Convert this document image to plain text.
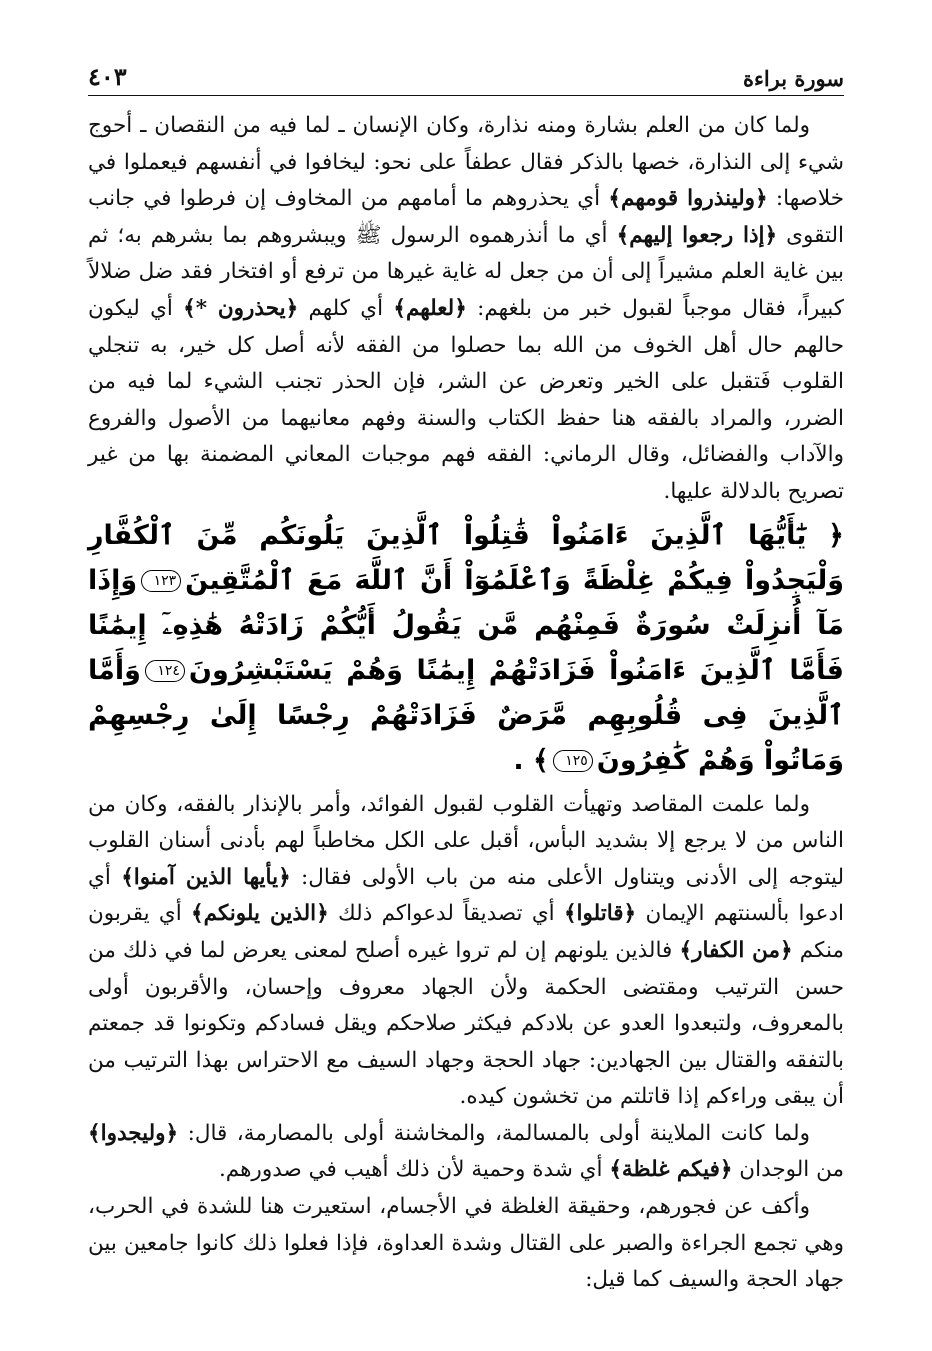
سورة براءة
٤٠٣

ولما كان من العلم بشارة ومنه نذارة، وكان الإنسان ـ لما فيه من النقصان ـ أحوج شيء إلى النذارة، خصها بالذكر فقال عطفاً على نحو: ليخافوا في أنفسهم فيعملوا في خلاصها: ﴿ولينذروا قومهم﴾ أي يحذروهم ما أمامهم من المخاوف إن فرطوا في جانب التقوى ﴿إذا رجعوا إليهم﴾ أي ما أنذرهموه الرسول ﷺ ويبشروهم بما بشرهم به؛ ثم بين غاية العلم مشيراً إلى أن من جعل له غاية غيرها من ترفع أو افتخار فقد ضل ضلالاً كبيراً، فقال موجباً لقبول خبر من بلغهم: ﴿لعلهم﴾ أي كلهم ﴿يحذرون *﴾ أي ليكون حالهم حال أهل الخوف من الله بما حصلوا من الفقه لأنه أصل كل خير، به تنجلي القلوب فَتقبل على الخير وتعرض عن الشر، فإن الحذر تجنب الشيء لما فيه من الضرر، والمراد بالفقه هنا حفظ الكتاب والسنة وفهم معانيهما من الأصول والفروع والآداب والفضائل، وقال الرماني: الفقه فهم موجبات المعاني المضمنة بها من غير تصريح بالدلالة عليها.

﴿ يَٰٓأَيُّهَا ٱلَّذِينَ ءَامَنُواْ قَٰتِلُواْ ٱلَّذِينَ يَلُونَكُم مِّنَ ٱلْكُفَّارِ وَلْيَجِدُواْ فِيكُمْ غِلْظَةً وَٱعْلَمُوٓاْ أَنَّ ٱللَّهَ مَعَ ٱلْمُتَّقِينَ١٢٣وَإِذَا مَآ أُنزِلَتْ سُورَةٌ فَمِنْهُم مَّن يَقُولُ أَيُّكُمْ زَادَتْهُ هَٰذِهِۦٓ إِيمَٰنًا فَأَمَّا ٱلَّذِينَ ءَامَنُواْ فَزَادَتْهُمْ إِيمَٰنًا وَهُمْ يَسْتَبْشِرُونَ١٢٤وَأَمَّا ٱلَّذِينَ فِى قُلُوبِهِم مَّرَضٌ فَزَادَتْهُمْ رِجْسًا إِلَىٰ رِجْسِهِمْ وَمَاتُواْ وَهُمْ كَٰفِرُونَ١٢٥﴾ .

ولما علمت المقاصد وتهيأت القلوب لقبول الفوائد، وأمر بالإنذار بالفقه، وكان من الناس من لا يرجع إلا بشديد البأس، أقبل على الكل مخاطباً لهم بأدنى أسنان القلوب ليتوجه إلى الأدنى ويتناول الأعلى منه من باب الأولى فقال: ﴿يأيها الذين آمنوا﴾ أي ادعوا بألسنتهم الإيمان ﴿قاتلوا﴾ أي تصديقاً لدعواكم ذلك ﴿الذين يلونكم﴾ أي يقربون منكم ﴿من الكفار﴾ فالذين يلونهم إن لم تروا غيره أصلح لمعنى يعرض لما في ذلك من حسن الترتيب ومقتضى الحكمة ولأن الجهاد معروف وإحسان، والأقربون أولى بالمعروف، ولتبعدوا العدو عن بلادكم فيكثر صلاحكم ويقل فسادكم وتكونوا قد جمعتم بالتفقه والقتال بين الجهادين: جهاد الحجة وجهاد السيف مع الاحتراس بهذا الترتيب من أن يبقى وراءكم إذا قاتلتم من تخشون كيده.

ولما كانت الملاينة أولى بالمسالمة، والمخاشنة أولى بالمصارمة، قال: ﴿وليجدوا﴾ من الوجدان ﴿فيكم غلظة﴾ أي شدة وحمية لأن ذلك أهيب في صدورهم.

وأكف عن فجورهم، وحقيقة الغلظة في الأجسام، استعيرت هنا للشدة في الحرب، وهي تجمع الجراءة والصبر على القتال وشدة العداوة، فإذا فعلوا ذلك كانوا جامعين بين جهاد الحجة والسيف كما قيل:
